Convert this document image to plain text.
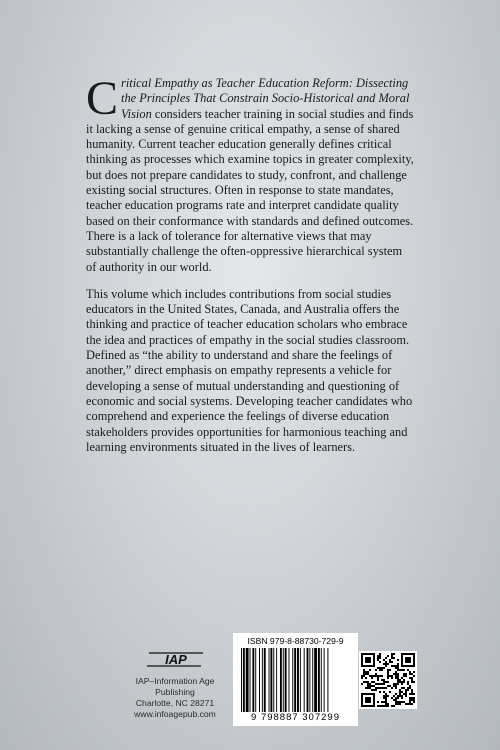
Critical Empathy as Teacher Education Reform: Dissecting the Principles That Constrain Socio-Historical and Moral Vision considers teacher training in social studies and finds it lacking a sense of genuine critical empathy, a sense of shared humanity. Current teacher education generally defines critical thinking as processes which examine topics in greater complexity, but does not prepare candidates to study, confront, and challenge existing social structures. Often in response to state mandates, teacher education programs rate and interpret candidate quality based on their conformance with standards and defined outcomes. There is a lack of tolerance for alternative views that may substantially challenge the often-oppressive hierarchical system of authority in our world.

This volume which includes contributions from social studies educators in the United States, Canada, and Australia offers the thinking and practice of teacher education scholars who embrace the idea and practices of empathy in the social studies classroom. Defined as “the ability to understand and share the feelings of another,” direct emphasis on empathy represents a vehicle for developing a sense of mutual understanding and questioning of economic and social systems. Developing teacher candidates who comprehend and experience the feelings of diverse education stakeholders provides opportunities for harmonious teaching and learning environments situated in the lives of learners.

IAP
IAP–Information Age Publishing
Charlotte, NC 28271
www.infoagepub.com
ISBN 979-8-88730-729-9
9 798887 307299
